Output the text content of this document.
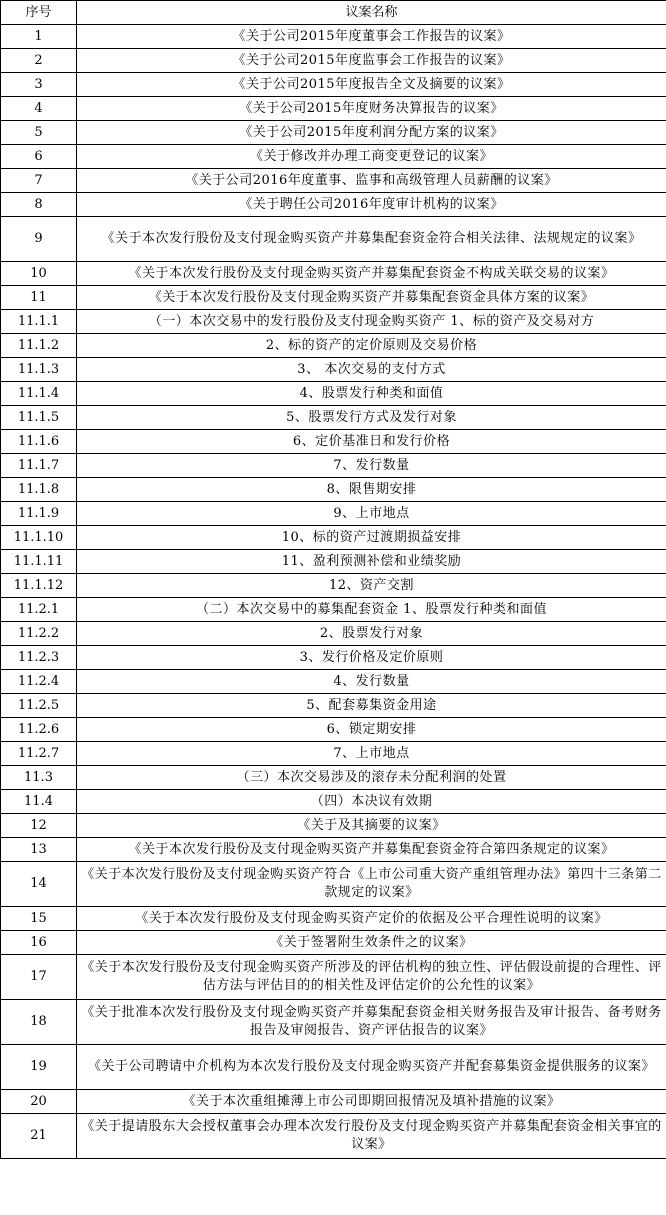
序号	议案名称
1	《关于公司2015年度董事会工作报告的议案》
2	《关于公司2015年度监事会工作报告的议案》
3	《关于公司2015年度报告全文及摘要的议案》
4	《关于公司2015年度财务决算报告的议案》
5	《关于公司2015年度利润分配方案的议案》
6	《关于修改并办理工商变更登记的议案》
7	《关于公司2016年度董事、监事和高级管理人员薪酬的议案》
8	《关于聘任公司2016年度审计机构的议案》
9	《关于本次发行股份及支付现金购买资产并募集配套资金符合相关法律、法规规定的议案》
10	《关于本次发行股份及支付现金购买资产并募集配套资金不构成关联交易的议案》
11	《关于本次发行股份及支付现金购买资产并募集配套资金具体方案的议案》
11.1.1	（一）本次交易中的发行股份及支付现金购买资产 1、标的资产及交易对方
11.1.2	2、标的资产的定价原则及交易价格
11.1.3	3、 本次交易的支付方式
11.1.4	4、股票发行种类和面值
11.1.5	5、股票发行方式及发行对象
11.1.6	6、定价基准日和发行价格
11.1.7	7、发行数量
11.1.8	8、限售期安排
11.1.9	9、上市地点
11.1.10	10、标的资产过渡期损益安排
11.1.11	11、盈利预测补偿和业绩奖励
11.1.12	12、资产交割
11.2.1	（二）本次交易中的募集配套资金 1、股票发行种类和面值
11.2.2	2、股票发行对象
11.2.3	3、发行价格及定价原则
11.2.4	4、发行数量
11.2.5	5、配套募集资金用途
11.2.6	6、锁定期安排
11.2.7	7、上市地点
11.3	（三）本次交易涉及的滚存未分配利润的处置
11.4	（四）本决议有效期
12	《关于及其摘要的议案》
13	《关于本次发行股份及支付现金购买资产并募集配套资金符合第四条规定的议案》
14	《关于本次发行股份及支付现金购买资产符合《上市公司重大资产重组管理办法》第四十三条第二款规定的议案》
15	《关于本次发行股份及支付现金购买资产定价的依据及公平合理性说明的议案》
16	《关于签署附生效条件之的议案》
17	《关于本次发行股份及支付现金购买资产所涉及的评估机构的独立性、评估假设前提的合理性、评估方法与评估目的的相关性及评估定价的公允性的议案》
18	《关于批准本次发行股份及支付现金购买资产并募集配套资金相关财务报告及审计报告、备考财务报告及审阅报告、资产评估报告的议案》
19	《关于公司聘请中介机构为本次发行股份及支付现金购买资产并配套募集资金提供服务的议案》
20	《关于本次重组摊薄上市公司即期回报情况及填补措施的议案》
21	《关于提请股东大会授权董事会办理本次发行股份及支付现金购买资产并募集配套资金相关事宜的议案》
